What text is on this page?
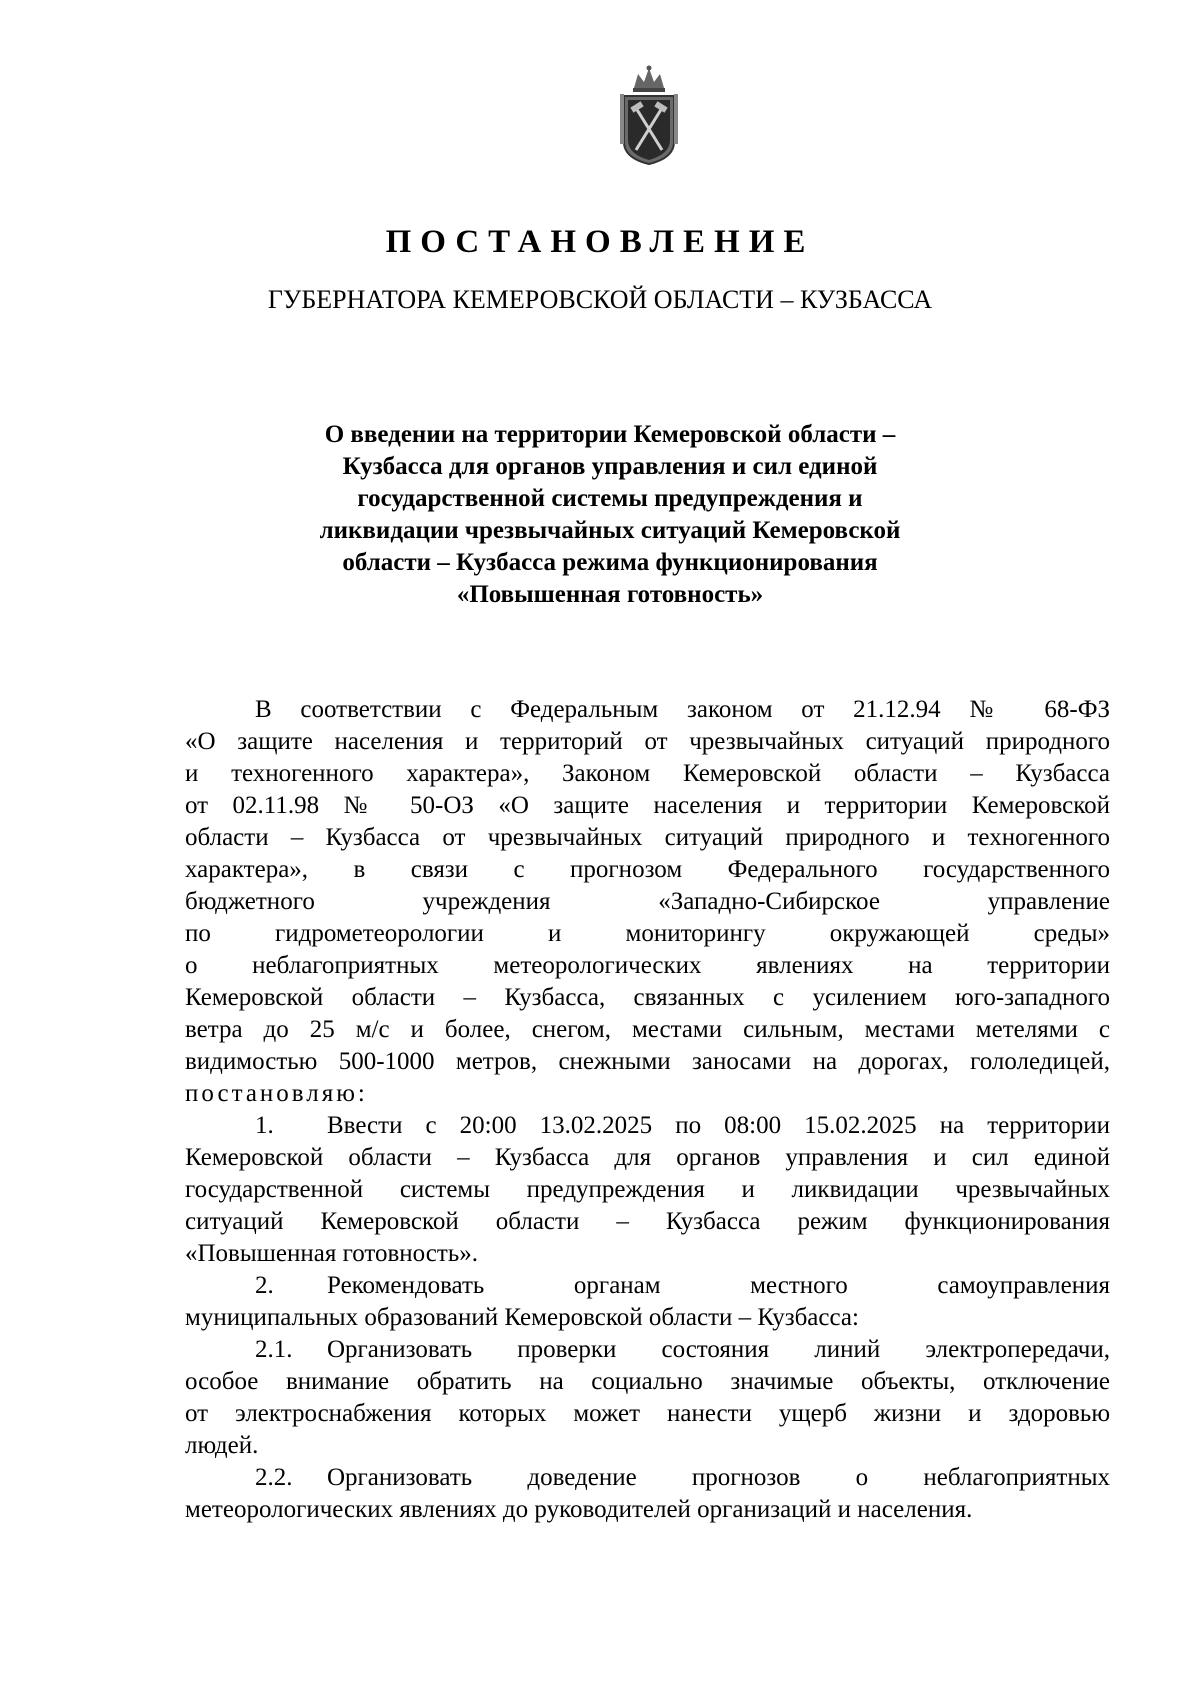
ПОСТАНОВЛЕНИЕ
ГУБЕРНАТОРА КЕМЕРОВСКОЙ ОБЛАСТИ – КУЗБАССА
О введении на территории Кемеровской области –
Кузбасса для органов управления и сил единой
государственной системы предупреждения и
ликвидации чрезвычайных ситуаций Кемеровской
области – Кузбасса режима функционирования
«Повышенная готовность»
В соответствии с Федеральным законом от 21.12.94 № 68-ФЗ
«О защите населения и территорий от чрезвычайных ситуаций природного
и техногенного характера», Законом Кемеровской области – Кузбасса
от 02.11.98 № 50-ОЗ «О защите населения и территории Кемеровской
области – Кузбасса от чрезвычайных ситуаций природного и техногенного
характера», в связи с прогнозом Федерального государственного
бюджетного учреждения «Западно-Сибирское управление
по гидрометеорологии и мониторингу окружающей среды»
о неблагоприятных метеорологических явлениях на территории
Кемеровской области – Кузбасса, связанных с усилением юго-западного
ветра до 25 м/с и более, снегом, местами сильным, местами метелями с
видимостью 500-1000 метров, снежными заносами на дорогах, гололедицей,
постановляю:
1. Ввести с 20:00 13.02.2025 по 08:00 15.02.2025 на территории
Кемеровской области – Кузбасса для органов управления и сил единой
государственной системы предупреждения и ликвидации чрезвычайных
ситуаций Кемеровской области – Кузбасса режим функционирования
«Повышенная готовность».
2. Рекомендовать органам местного самоуправления
муниципальных образований Кемеровской области – Кузбасса:
2.1. Организовать проверки состояния линий электропередачи,
особое внимание обратить на социально значимые объекты, отключение
от электроснабжения которых может нанести ущерб жизни и здоровью
людей.
2.2. Организовать доведение прогнозов о неблагоприятных
метеорологических явлениях до руководителей организаций и населения.
